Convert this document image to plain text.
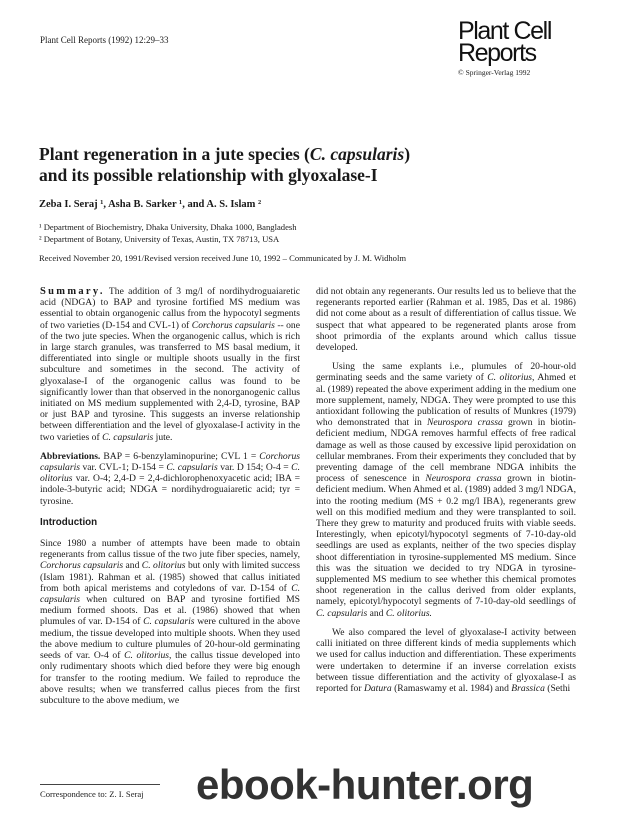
Plant Cell Reports (1992) 12:29–33	Plant Cell
Reports
© Springer-Verlag 1992
Plant regeneration in a jute species (C. capsularis)
and its possible relationship with glyoxalase-I
Zeba I. Seraj ¹, Asha B. Sarker ¹, and A. S. Islam ²
¹ Department of Biochemistry, Dhaka University, Dhaka 1000, Bangladesh
² Department of Botany, University of Texas, Austin, TX 78713, USA
Received November 20, 1991/Revised version received June 10, 1992 – Communicated by J. M. Widholm

Summary. The addition of 3 mg/l of nordihydroguaiaretic acid (NDGA) to BAP and tyrosine fortified MS medium was essential to obtain organogenic callus from the hypocotyl segments of two varieties (D-154 and CVL-1) of Corchorus capsularis -- one of the two jute species. When the organogenic callus, which is rich in large starch granules, was transferred to MS basal medium, it differentiated into single or multiple shoots usually in the first subculture and sometimes in the second. The activity of glyoxalase-I of the organogenic callus was found to be significantly lower than that observed in the nonorganogenic callus initiated on MS medium supplemented with 2,4-D, tyrosine, BAP or just BAP and tyrosine. This suggests an inverse relationship between differentiation and the level of glyoxalase-I activity in the two varieties of C. capsularis jute.

Abbreviations. BAP = 6-benzylaminopurine; CVL 1 = Corchorus capsularis var. CVL-1; D-154 = C. capsularis var. D 154; O-4 = C. olitorius var. O-4; 2,4-D = 2,4-dichlorophenoxyacetic acid; IBA = indole-3-butyric acid; NDGA = nordihydroguaiaretic acid; tyr = tyrosine.

Introduction

Since 1980 a number of attempts have been made to obtain regenerants from callus tissue of the two jute fiber species, namely, Corchorus capsularis and C. olitorius but only with limited success (Islam 1981). Rahman et al. (1985) showed that callus initiated from both apical meristems and cotyledons of var. D-154 of C. capsularis when cultured on BAP and tyrosine fortified MS medium formed shoots. Das et al. (1986) showed that when plumules of var. D-154 of C. capsularis were cultured in the above medium, the tissue developed into multiple shoots. When they used the above medium to culture plumules of 20-hour-old germinating seeds of var. O-4 of C. olitorius, the callus tissue developed into only rudimentary shoots which died before they were big enough for transfer to the rooting medium. We failed to reproduce the above results; when we transferred callus pieces from the first subculture to the above medium, we

did not obtain any regenerants. Our results led us to believe that the regenerants reported earlier (Rahman et al. 1985, Das et al. 1986) did not come about as a result of differentiation of callus tissue. We suspect that what appeared to be regenerated plants arose from shoot primordia of the explants around which callus tissue developed.

Using the same explants i.e., plumules of 20-hour-old germinating seeds and the same variety of C. olitorius, Ahmed et al. (1989) repeated the above experiment adding in the medium one more supplement, namely, NDGA. They were prompted to use this antioxidant following the publication of results of Munkres (1979) who demonstrated that in Neurospora crassa grown in biotin-deficient medium, NDGA removes harmful effects of free radical damage as well as those caused by excessive lipid peroxidation on cellular membranes. From their experiments they concluded that by preventing damage of the cell membrane NDGA inhibits the process of senescence in Neurospora crassa grown in biotin-deficient medium. When Ahmed et al. (1989) added 3 mg/l NDGA, into the rooting medium (MS + 0.2 mg/l IBA), regenerants grew well on this modified medium and they were transplanted to soil. There they grew to maturity and produced fruits with viable seeds. Interestingly, when epicotyl/hypocotyl segments of 7-10-day-old seedlings are used as explants, neither of the two species display shoot differentiation in tyrosine-supplemented MS medium. Since this was the situation we decided to try NDGA in tyrosine-supplemented MS medium to see whether this chemical promotes shoot regeneration in the callus derived from older explants, namely, epicotyl/hypocotyl segments of 7-10-day-old seedlings of C. capsularis and C. olitorius.

We also compared the level of glyoxalase-I activity between calli initiated on three different kinds of media supplements which we used for callus induction and differentiation. These experiments were undertaken to determine if an inverse correlation exists between tissue differentiation and the activity of glyoxalase-I as reported for Datura (Ramaswamy et al. 1984) and Brassica (Sethi

Correspondence to: Z. I. Seraj ebook-hunter.org
